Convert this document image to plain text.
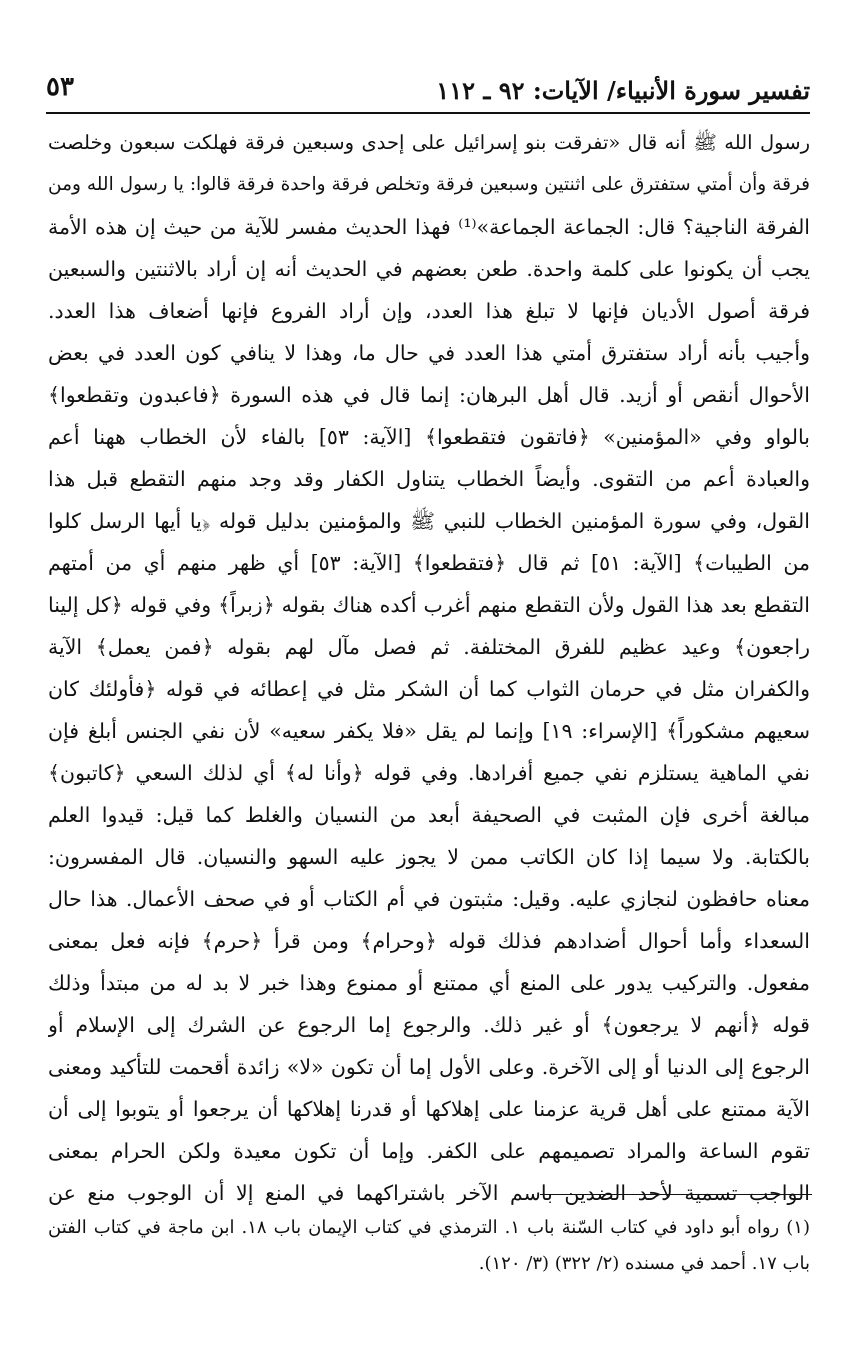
تفسير سورة الأنبياء/ الآيات: ٩٢ ـ ١١٢
٥٣
رسول الله ﷺ أنه قال «تفرقت بنو إسرائيل على إحدى وسبعين فرقة فهلكت سبعون وخلصت
فرقة وأن أمتي ستفترق على اثنتين وسبعين فرقة وتخلص فرقة واحدة فرقة قالوا: يا رسول الله ومن
الفرقة الناجية؟ قال: الجماعة الجماعة»⁽¹⁾ فهذا الحديث مفسر للآية من حيث إن هذه الأمة
يجب أن يكونوا على كلمة واحدة. طعن بعضهم في الحديث أنه إن أراد بالاثنتين والسبعين
فرقة أصول الأديان فإنها لا تبلغ هذا العدد، وإن أراد الفروع فإنها أضعاف هذا العدد.
وأجيب بأنه أراد ستفترق أمتي هذا العدد في حال ما، وهذا لا ينافي كون العدد في بعض
الأحوال أنقص أو أزيد. قال أهل البرهان: إنما قال في هذه السورة ﴿فاعبدون وتقطعوا﴾
بالواو وفي «المؤمنين» ﴿فاتقون فتقطعوا﴾ [الآية: ٥٣] بالفاء لأن الخطاب ههنا أعم
والعبادة أعم من التقوى. وأيضاً الخطاب يتناول الكفار وقد وجد منهم التقطع قبل هذا
القول، وفي سورة المؤمنين الخطاب للنبي ﷺ والمؤمنين بدليل قوله ﴿يا أيها الرسل كلوا
من الطيبات﴾ [الآية: ٥١] ثم قال ﴿فتقطعوا﴾ [الآية: ٥٣] أي ظهر منهم أي من أمتهم
التقطع بعد هذا القول ولأن التقطع منهم أغرب أكده هناك بقوله ﴿زبراً﴾ وفي قوله ﴿كل إلينا
راجعون﴾ وعيد عظيم للفرق المختلفة. ثم فصل مآل لهم بقوله ﴿فمن يعمل﴾ الآية
والكفران مثل في حرمان الثواب كما أن الشكر مثل في إعطائه في قوله ﴿فأولئك كان
سعيهم مشكوراً﴾ [الإسراء: ١٩] وإنما لم يقل «فلا يكفر سعيه» لأن نفي الجنس أبلغ فإن
نفي الماهية يستلزم نفي جميع أفرادها. وفي قوله ﴿وأنا له﴾ أي لذلك السعي ﴿كاتبون﴾
مبالغة أخرى فإن المثبت في الصحيفة أبعد من النسيان والغلط كما قيل: قيدوا العلم
بالكتابة. ولا سيما إذا كان الكاتب ممن لا يجوز عليه السهو والنسيان. قال المفسرون:
معناه حافظون لنجازي عليه. وقيل: مثبتون في أم الكتاب أو في صحف الأعمال. هذا حال
السعداء وأما أحوال أضدادهم فذلك قوله ﴿وحرام﴾ ومن قرأ ﴿حرم﴾ فإنه فعل بمعنى
مفعول. والتركيب يدور على المنع أي ممتنع أو ممنوع وهذا خبر لا بد له من مبتدأ وذلك
قوله ﴿أنهم لا يرجعون﴾ أو غير ذلك. والرجوع إما الرجوع عن الشرك إلى الإسلام أو
الرجوع إلى الدنيا أو إلى الآخرة. وعلى الأول إما أن تكون «لا» زائدة أقحمت للتأكيد ومعنى
الآية ممتنع على أهل قرية عزمنا على إهلاكها أو قدرنا إهلاكها أن يرجعوا أو يتوبوا إلى أن
تقوم الساعة والمراد تصميمهم على الكفر. وإما أن تكون معيدة ولكن الحرام بمعنى
الواجب تسمية لأحد الضدين باسم الآخر باشتراكهما في المنع إلا أن الوجوب منع عن
(١) رواه أبو داود في كتاب السّنة باب ١. الترمذي في كتاب الإيمان باب ١٨. ابن ماجة في كتاب الفتن
باب ١٧. أحمد في مسنده (٢/ ٣٢٢) (٣/ ١٢٠).
